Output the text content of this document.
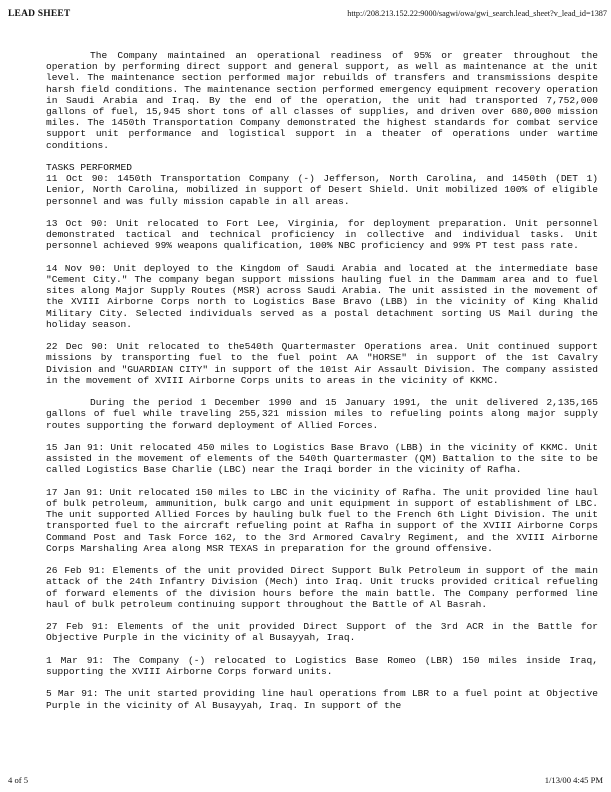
LEAD SHEET	http://208.213.152.22:9000/sagwi/owa/gwi_search.lead_sheet?v_lead_id=1387

The Company maintained an operational readiness of 95% or greater throughout the operation by performing direct support and general support, as well as maintenance at the unit level. The maintenance section performed major rebuilds of transfers and transmissions despite harsh field conditions. The maintenance section performed emergency equipment recovery operation in Saudi Arabia and Iraq. By the end of the operation, the unit had transported 7,752,000 gallons of fuel, 15,945 short tons of all classes of supplies, and driven over 680,000 mission miles. The 1450th Transportation Company demonstrated the highest standards for combat service support unit performance and logistical support in a theater of operations under wartime conditions.

TASKS PERFORMED

11 Oct 90: 1450th Transportation Company (-) Jefferson, North Carolina, and 1450th (DET 1) Lenior, North Carolina, mobilized in support of Desert Shield. Unit mobilized 100% of eligible personnel and was fully mission capable in all areas.

13 Oct 90: Unit relocated to Fort Lee, Virginia, for deployment preparation. Unit personnel demonstrated tactical and technical proficiency in collective and individual tasks. Unit personnel achieved 99% weapons qualification, 100% NBC proficiency and 99% PT test pass rate.

14 Nov 90: Unit deployed to the Kingdom of Saudi Arabia and located at the intermediate base "Cement City." The company began support missions hauling fuel in the Dammam area and to fuel sites along Major Supply Routes (MSR) across Saudi Arabia. The unit assisted in the movement of the XVIII Airborne Corps north to Logistics Base Bravo (LBB) in the vicinity of King Khalid Military City. Selected individuals served as a postal detachment sorting US Mail during the holiday season.

22 Dec 90: Unit relocated to the540th Quartermaster Operations area. Unit continued support missions by transporting fuel to the fuel point AA "HORSE" in support of the 1st Cavalry Division and "GUARDIAN CITY" in support of the 101st Air Assault Division. The company assisted in the movement of XVIII Airborne Corps units to areas in the vicinity of KKMC.

During the period 1 December 1990 and 15 January 1991, the unit delivered 2,135,165 gallons of fuel while traveling 255,321 mission miles to refueling points along major supply routes supporting the forward deployment of Allied Forces.

15 Jan 91: Unit relocated 450 miles to Logistics Base Bravo (LBB) in the vicinity of KKMC. Unit assisted in the movement of elements of the 540th Quartermaster (QM) Battalion to the site to be called Logistics Base Charlie (LBC) near the Iraqi border in the vicinity of Rafha.

17 Jan 91: Unit relocated 150 miles to LBC in the vicinity of Rafha. The unit provided line haul of bulk petroleum, ammunition, bulk cargo and unit equipment in support of establishment of LBC. The unit supported Allied Forces by hauling bulk fuel to the French 6th Light Division. The unit transported fuel to the aircraft refueling point at Rafha in support of the XVIII Airborne Corps Command Post and Task Force 162, to the 3rd Armored Cavalry Regiment, and the XVIII Airborne Corps Marshaling Area along MSR TEXAS in preparation for the ground offensive.

26 Feb 91: Elements of the unit provided Direct Support Bulk Petroleum in support of the main attack of the 24th Infantry Division (Mech) into Iraq. Unit trucks provided critical refueling of forward elements of the division hours before the main battle. The Company performed line haul of bulk petroleum continuing support throughout the Battle of Al Basrah.

27 Feb 91: Elements of the unit provided Direct Support of the 3rd ACR in the Battle for Objective Purple in the vicinity of al Busayyah, Iraq.

1 Mar 91: The Company (-) relocated to Logistics Base Romeo (LBR) 150 miles inside Iraq, supporting the XVIII Airborne Corps forward units.

5 Mar 91: The unit started providing line haul operations from LBR to a fuel point at Objective Purple in the vicinity of Al Busayyah, Iraq. In support of the

4 of 5	1/13/00 4:45 PM
